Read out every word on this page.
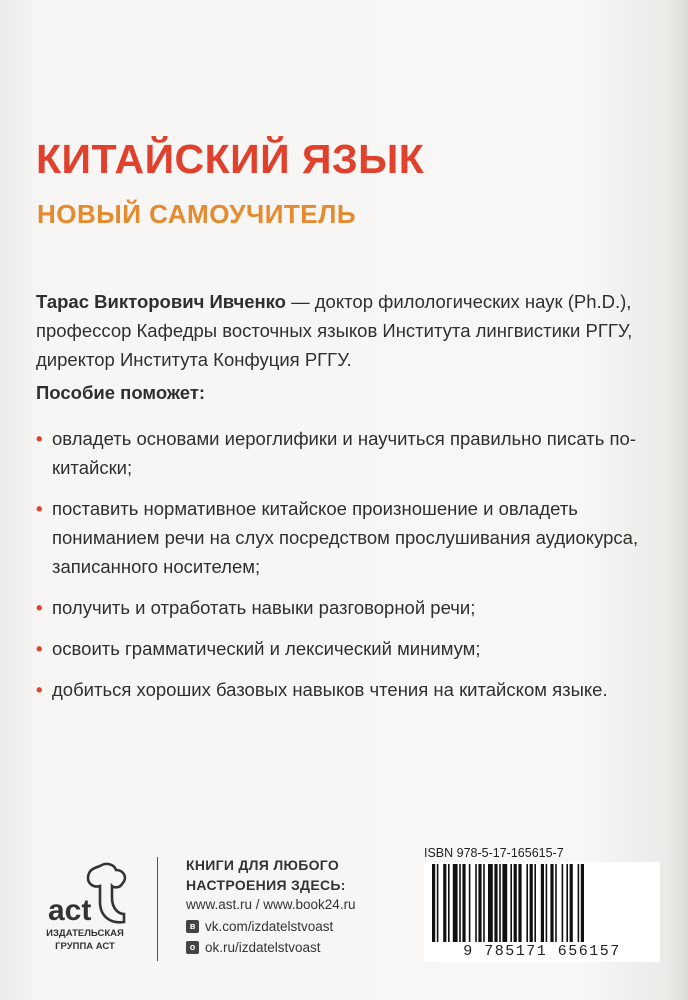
КИТАЙСКИЙ ЯЗЫК
НОВЫЙ САМОУЧИТЕЛЬ
Тарас Викторович Ивченко — доктор филологических наук (Ph.D.), профессор Кафедры восточных языков Института лингвистики РГГУ, директор Института Конфуция РГГУ.
Пособие поможет:
• овладеть основами иероглифики и научиться правильно писать по-китайски;
• поставить нормативное китайское произношение и овладеть пониманием речи на слух посредством прослушивания аудиокурса, записанного носителем;
• получить и отработать навыки разговорной речи;
• освоить грамматический и лексический минимум;
• добиться хороших базовых навыков чтения на китайском языке.
act
ИЗДАТЕЛЬСКАЯ
ГРУППА АСТ
КНИГИ ДЛЯ ЛЮБОГО
НАСТРОЕНИЯ ЗДЕСЬ:
www.ast.ru / www.book24.ru
в vk.com/izdatelstvoast
о ok.ru/izdatelstvoast
ISBN 978-5-17-165615-7
9 785171 656157
